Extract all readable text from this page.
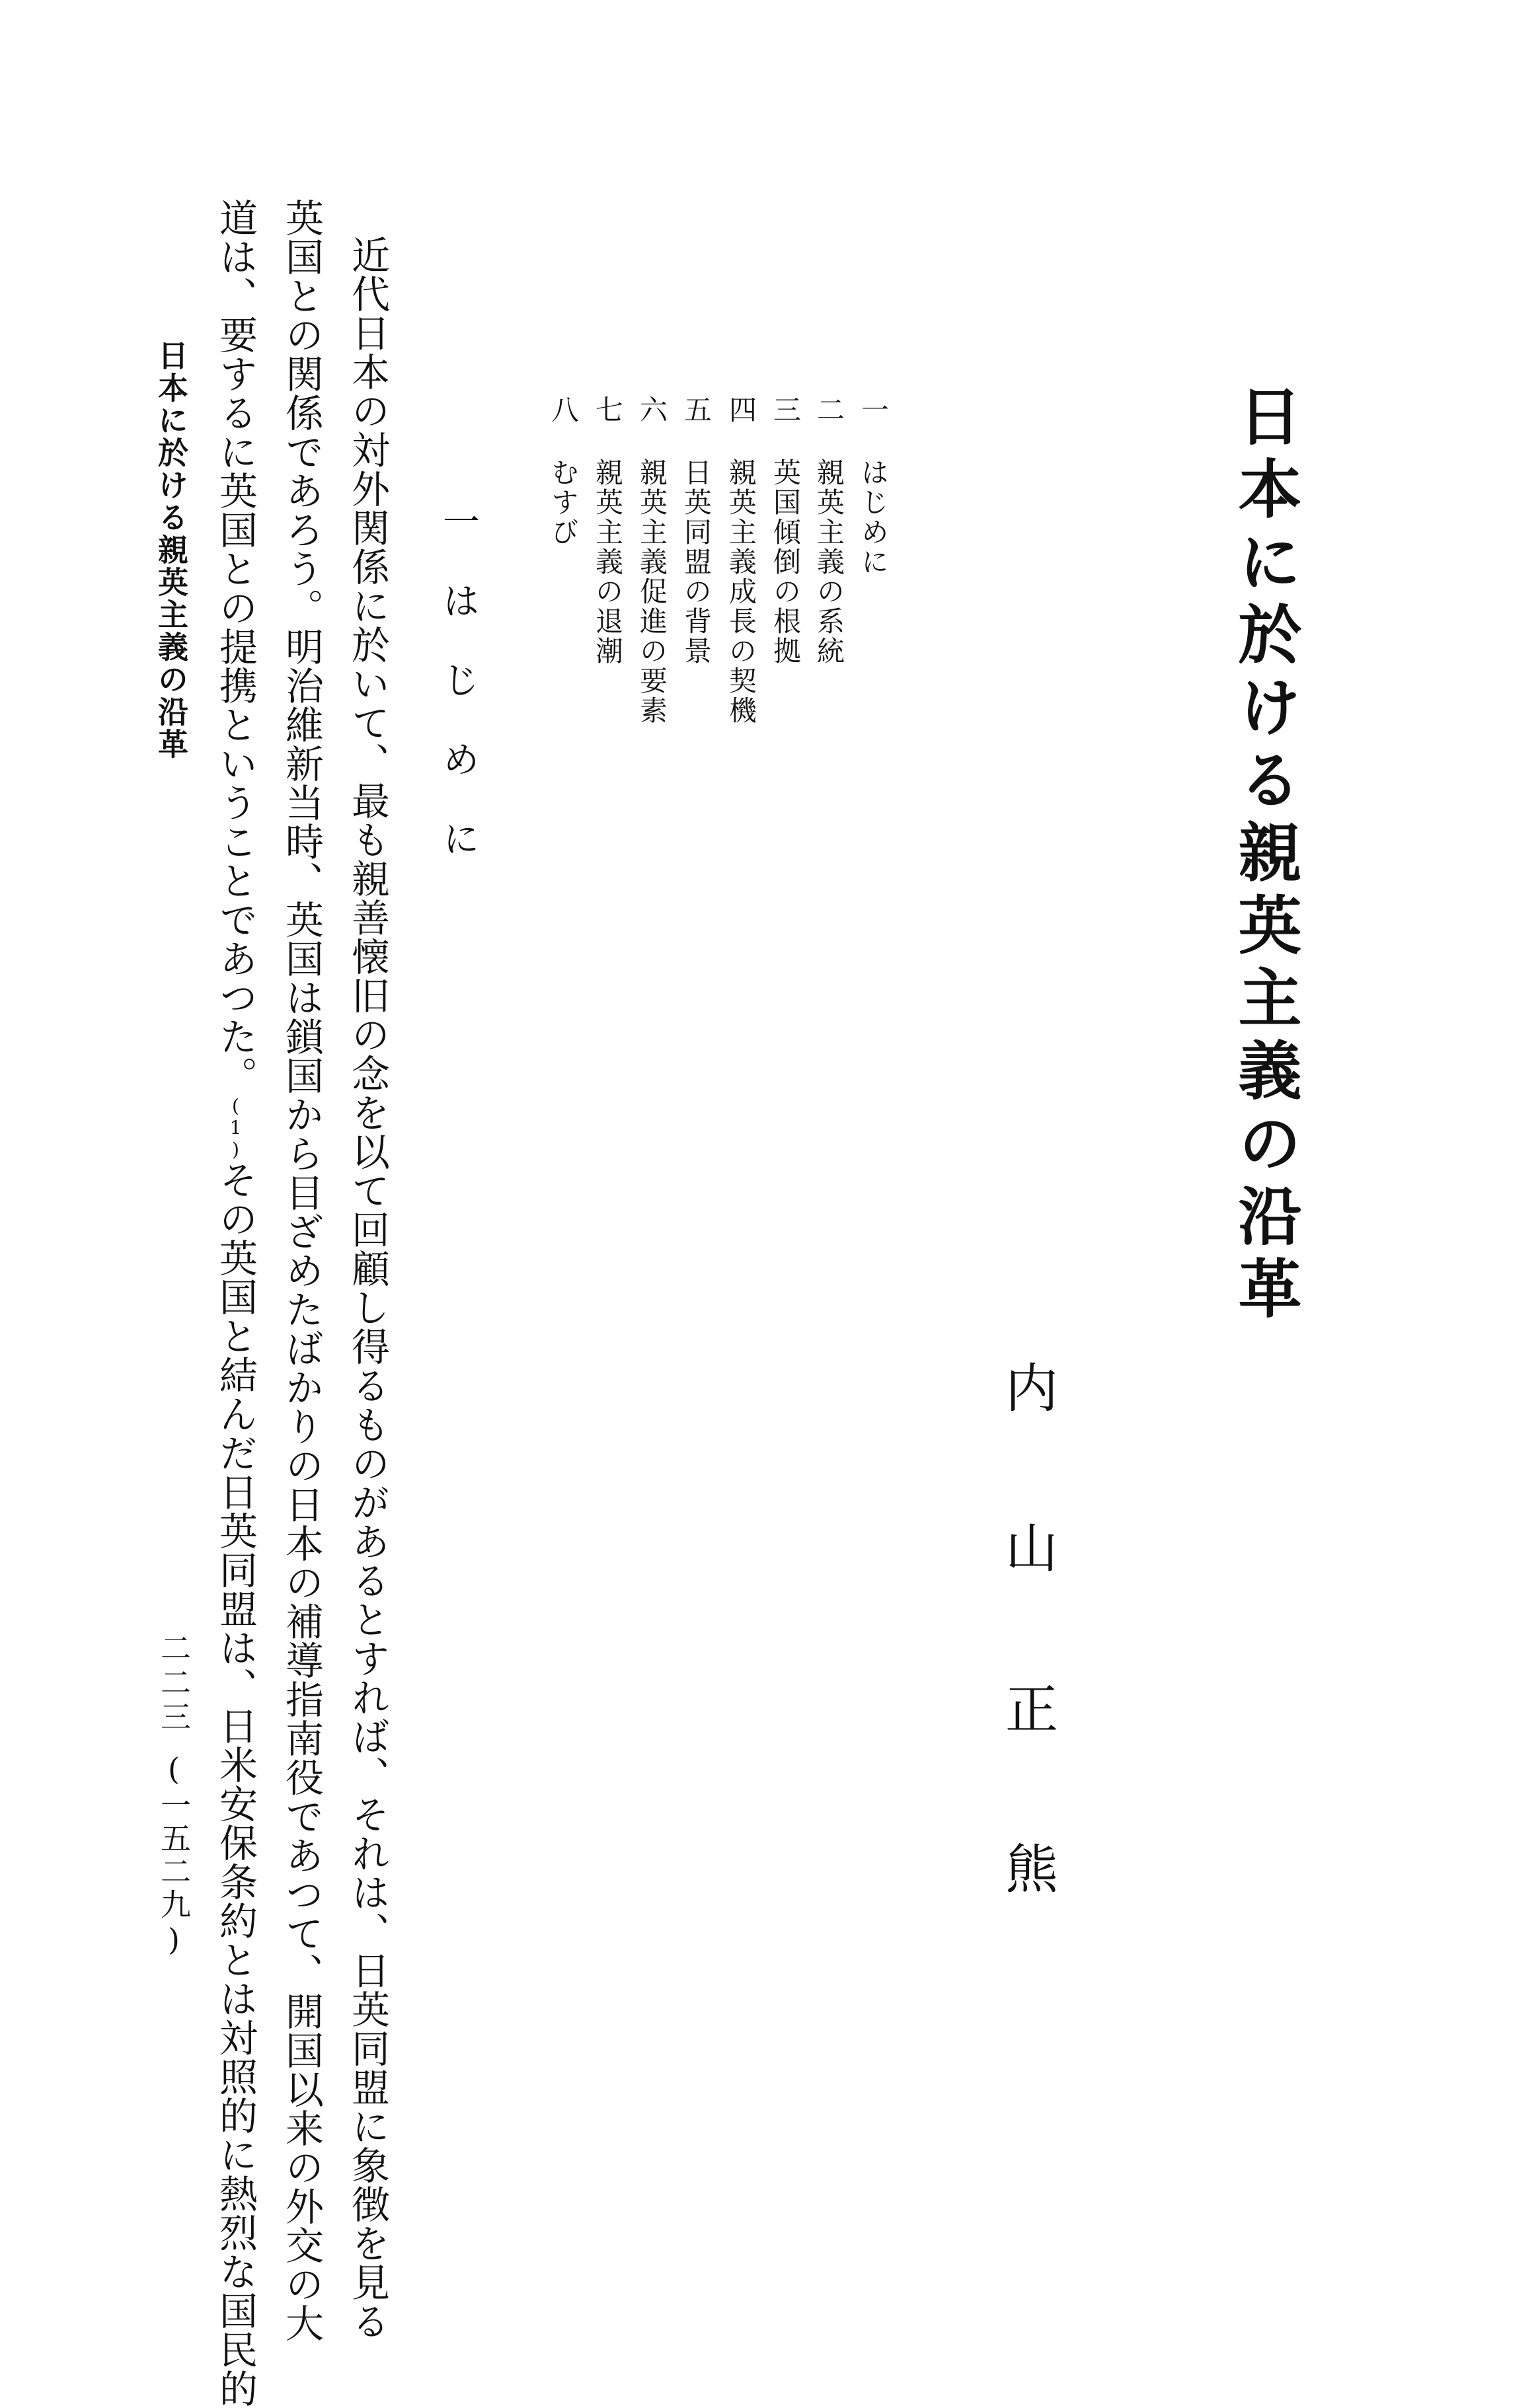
日本に於ける親英主義の沿革
内
山
正
熊
一はじめに
二親英主義の系統
三英国傾倒の根拠
四親英主義成長の契機
五日英同盟の背景
六親英主義促進の要素
七親英主義の退潮
八むすび
一はじめに
近代日本の対外関係に於いて、最も親善懐旧の念を以て回顧し得るものがあるとすれば、それは、日英同盟に象徴を見る
英国との関係であろう。明治維新当時、英国は鎖国から目ざめたばかりの日本の補導指南役であつて、開国以来の外交の大
道は、要するに英国との提携ということであつた。(1)その英国と結んだ日英同盟は、日米安保条約とは対照的に熱烈な国民的
日本に於ける親英主義の沿革
二二三
(一五二九)
